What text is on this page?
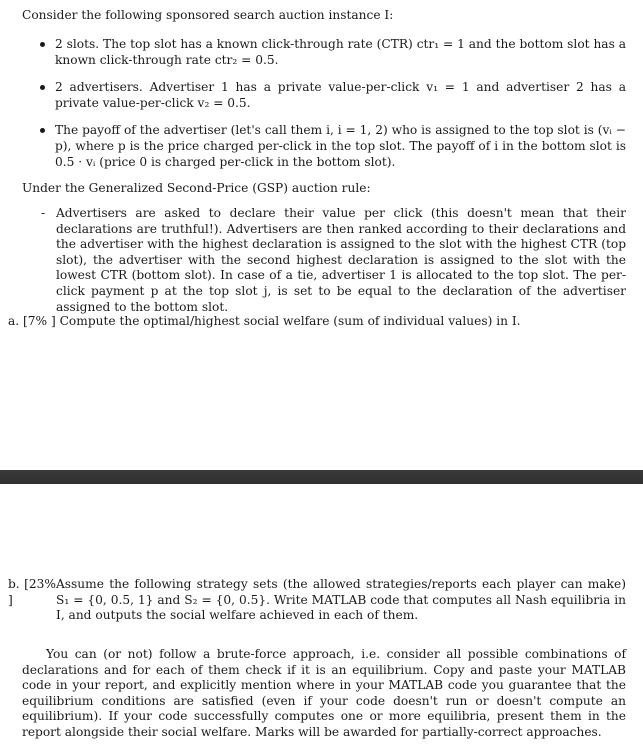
Consider the following sponsored search auction instance I:

2 slots. The top slot has a known click-through rate (CTR) ctr₁ = 1 and the bottom slot has a known click-through rate ctr₂ = 0.5.
2 advertisers. Advertiser 1 has a private value-per-click v₁ = 1 and advertiser 2 has a private value-per-click v₂ = 0.5.
The payoff of the advertiser (let's call them i, i = 1, 2) who is assigned to the top slot is (vᵢ − p), where p is the price charged per-click in the top slot. The payoff of i in the bottom slot is 0.5 · vᵢ (price 0 is charged per-click in the bottom slot).

Under the Generalized Second-Price (GSP) auction rule:

- Advertisers are asked to declare their value per click (this doesn't mean that their declarations are truthful!). Advertisers are then ranked according to their declarations and the advertiser with the highest declaration is assigned to the slot with the highest CTR (top slot), the advertiser with the second highest declaration is assigned to the slot with the lowest CTR (bottom slot). In case of a tie, advertiser 1 is allocated to the top slot. The per-click payment p at the top slot j, is set to be equal to the declaration of the advertiser assigned to the bottom slot.

a. [7% ] Compute the optimal/highest social welfare (sum of individual values) in I.

b. [23% ]
Assume the following strategy sets (the allowed strategies/reports each player can make) S₁ = {0, 0.5, 1} and S₂ = {0, 0.5}. Write MATLAB code that computes all Nash equilibria in I, and outputs the social welfare achieved in each of them.

You can (or not) follow a brute-force approach, i.e. consider all possible combinations of declarations and for each of them check if it is an equilibrium. Copy and paste your MATLAB code in your report, and explicitly mention where in your MATLAB code you guarantee that the equilibrium conditions are satisfied (even if your code doesn't run or doesn't compute an equilibrium). If your code successfully computes one or more equilibria, present them in the report alongside their social welfare. Marks will be awarded for partially-correct approaches.
